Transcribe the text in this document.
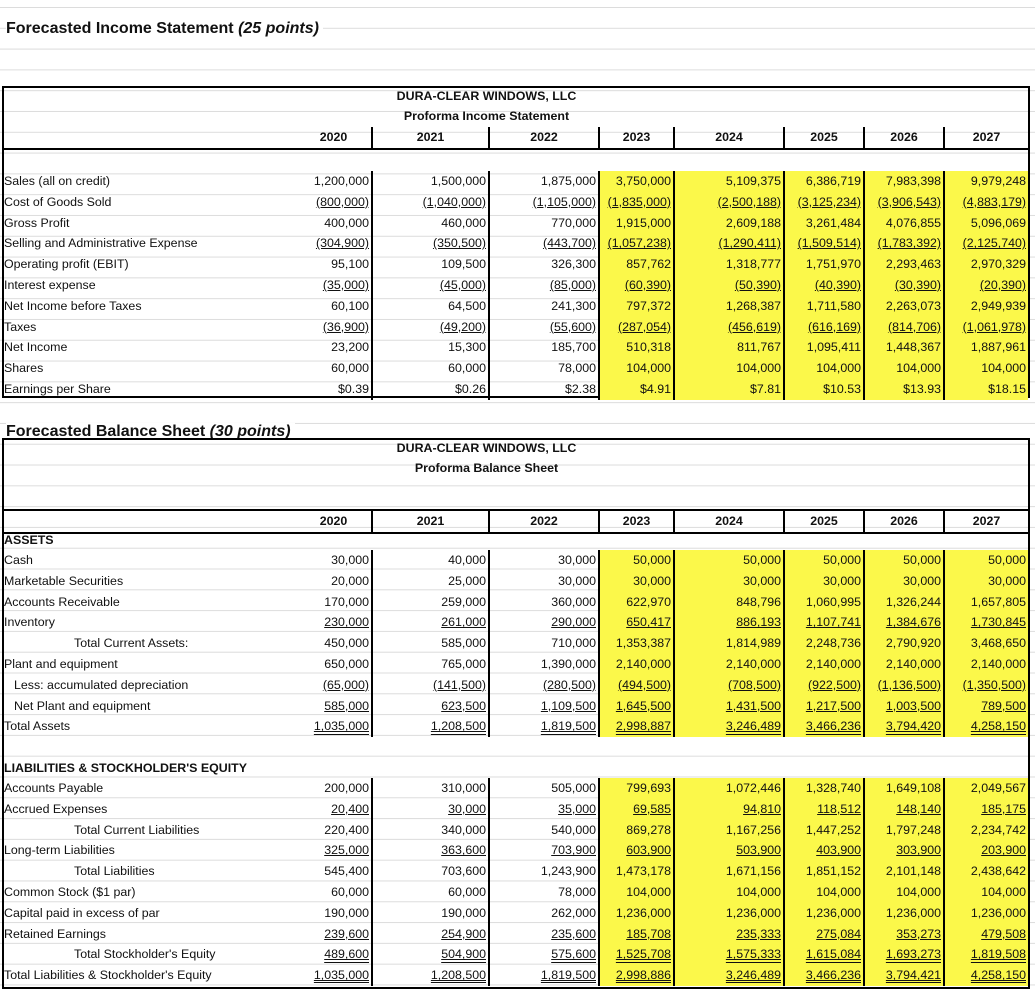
Forecasted Income Statement (25 points)
DURA-CLEAR WINDOWS, LLC
Proforma Income Statement
2020	2021	2022	2023	2024	2025	2026	2027
Sales (all on credit)	1,200,000	1,500,000	1,875,000	3,750,000	5,109,375	6,386,719	7,983,398	9,979,248
Cost of Goods Sold	(800,000)	(1,040,000)	(1,105,000) (1,835,000)	(2,500,188)	(3,125,234)	(3,906,543)	(4,883,179)
Gross Profit	400,000	460,000	770,000	1,915,000	2,609,188	3,261,484	4,076,855	5,096,069
Selling and Administrative Expense	(304,900)	(350,500)	(443,700) (1,057,238)	(1,290,411)	(1,509,514)	(1,783,392)	(2,125,740)
Operating profit (EBIT)	95,100	109,500	326,300	857,762	1,318,777	1,751,970	2,293,463	2,970,329
Interest expense	(35,000)	(45,000)	(85,000)	(60,390)	(50,390)	(40,390)	(30,390)	(20,390)
Net Income before Taxes	60,100	64,500	241,300	797,372	1,268,387	1,711,580	2,263,073	2,949,939
Taxes	(36,900)	(49,200)	(55,600)	(287,054)	(456,619)	(616,169)	(814,706)	(1,061,978)
Net Income	23,200	15,300	185,700	510,318	811,767	1,095,411	1,448,367	1,887,961
Shares	60,000	60,000	78,000	104,000	104,000	104,000	104,000	104,000
Earnings per Share	$0.39	$0.26	$2.38	$4.91	$7.81	$10.53	$13.93	$18.15
Forecasted Balance Sheet (30 points)
DURA-CLEAR WINDOWS, LLC
Proforma Balance Sheet
2020	2021	2022	2023	2024	2025	2026	2027
ASSETS
Cash	30,000	40,000	30,000	50,000	50,000	50,000	50,000	50,000
Marketable Securities	20,000	25,000	30,000	30,000	30,000	30,000	30,000	30,000
Accounts Receivable	170,000	259,000	360,000	622,970	848,796	1,060,995	1,326,244	1,657,805
Inventory	230,000	261,000	290,000	650,417	886,193	1,107,741	1,384,676	1,730,845
Total Current Assets:	450,000	585,000	710,000	1,353,387	1,814,989	2,248,736	2,790,920	3,468,650
Plant and equipment	650,000	765,000	1,390,000	2,140,000	2,140,000	2,140,000	2,140,000	2,140,000
Less: accumulated depreciation	(65,000)	(141,500)	(280,500)	(494,500)	(708,500)	(922,500)	(1,136,500)	(1,350,500)
Net Plant and equipment	585,000	623,500	1,109,500	1,645,500	1,431,500	1,217,500	1,003,500	789,500
Total Assets	1,035,000	1,208,500	1,819,500	2,998,887	3,246,489	3,466,236	3,794,420	4,258,150
LIABILITIES & STOCKHOLDER'S EQUITY
Accounts Payable	200,000	310,000	505,000	799,693	1,072,446	1,328,740	1,649,108	2,049,567
Accrued Expenses	20,400	30,000	35,000	69,585	94,810	118,512	148,140	185,175
Total Current Liabilities	220,400	340,000	540,000	869,278	1,167,256	1,447,252	1,797,248	2,234,742
Long-term Liabilities	325,000	363,600	703,900	603,900	503,900	403,900	303,900	203,900
Total Liabilities	545,400	703,600	1,243,900	1,473,178	1,671,156	1,851,152	2,101,148	2,438,642
Common Stock ($1 par)	60,000	60,000	78,000	104,000	104,000	104,000	104,000	104,000
Capital paid in excess of par	190,000	190,000	262,000	1,236,000	1,236,000	1,236,000	1,236,000	1,236,000
Retained Earnings	239,600	254,900	235,600	185,708	235,333	275,084	353,273	479,508
Total Stockholder's Equity	489,600	504,900	575,600	1,525,708	1,575,333	1,615,084	1,693,273	1,819,508
Total Liabilities & Stockholder's Equity	1,035,000	1,208,500	1,819,500	2,998,886	3,246,489	3,466,236	3,794,421	4,258,150
